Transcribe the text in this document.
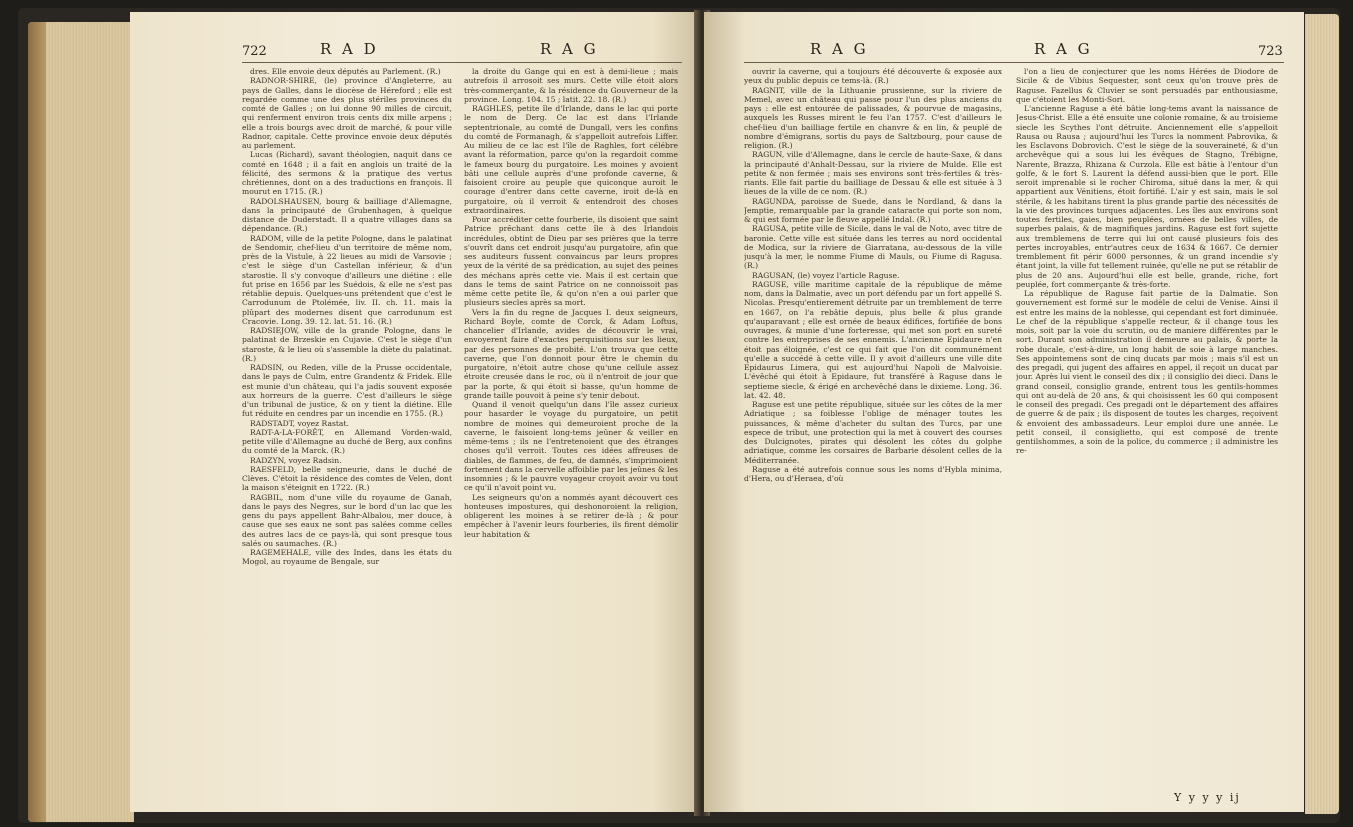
722	R A D	R A G

dres. Elle envoie deux députés au Parlement. (R.)

RADNOR-SHIRE, (le) province d'Angleterre, au pays de Galles, dans le diocèse de Héreford ; elle est regardée comme une des plus stériles provinces du comté de Galles ; on lui donne 90 milles de circuit, qui renferment environ trois cents dix mille arpens ; elle a trois bourgs avec droit de marché, & pour ville Radnor, capitale. Cette province envoie deux députés au parlement.

Lucas (Richard), savant théologien, naquit dans ce comté en 1648 ; il a fait en anglois un traité de la félicité, des sermons & la pratique des vertus chrétiennes, dont on a des traductions en françois. Il mourut en 1715. (R.)

RADOLSHAUSEN, bourg & bailliage d'Allemagne, dans la principauté de Grubenhagen, à quelque distance de Duderstadt. Il a quatre villages dans sa dépendance. (R.)

RADOM, ville de la petite Pologne, dans le palatinat de Sendomir, chef-lieu d'un territoire de même nom, près de la Vistule, à 22 lieues au midi de Varsovie ; c'est le siège d'un Castellan inférieur, & d'un starostie. Il s'y convoque d'ailleurs une diétine : elle fut prise en 1656 par les Suédois, & elle ne s'est pas rétablie depuis. Quelques-uns prétendent que c'est le Carrodunum de Ptolémée, liv. II. ch. 11. mais la plûpart des modernes disent que carrodunum est Cracovie. Long. 39. 12. lat. 51. 16. (R.)

RADSIEJOW, ville de la grande Pologne, dans le palatinat de Brzeskie en Cujavie. C'est le siège d'un staroste, & le lieu où s'assemble la diète du palatinat. (R.)

RADSIN, ou Reden, ville de la Prusse occidentale, dans le pays de Culm, entre Grandentz & Fridek. Elle est munie d'un château, qui l'a jadis souvent exposée aux horreurs de la guerre. C'est d'ailleurs le siège d'un tribunal de justice, & on y tient la diétine. Elle fut réduite en cendres par un incendie en 1755. (R.)

RADSTADT, voyez Rastat.

RADT-A-LA-FORÊT, en Allemand Vorden-wald, petite ville d'Allemagne au duché de Berg, aux confins du comté de la Marck. (R.)

RADZYN, voyez Radsin.

RAESFELD, belle seigneurie, dans le duché de Clèves. C'étoit la résidence des comtes de Velen, dont la maison s'éteignit en 1722. (R.)

RAGBIL, nom d'une ville du royaume de Ganah, dans le pays des Negres, sur le bord d'un lac que les gens du pays appellent Bahr-Albalou, mer douce, à cause que ses eaux ne sont pas salées comme celles des autres lacs de ce pays-là, qui sont presque tous salés ou saumaches. (R.)

RAGEMEHALE, ville des Indes, dans les états du Mogol, au royaume de Bengale, sur

la droite du Gange qui en est à demi-lieue ; mais autrefois il arrosoit ses murs. Cette ville étoit alors très-commerçante, & la résidence du Gouverneur de la province. Long. 104. 15 ; latit. 22. 18. (R.)

RAGHLES, petite île d'Irlande, dans le lac qui porte le nom de Derg. Ce lac est dans l'Irlande septentrionale, au comté de Dungall, vers les confins du comté de Formanagh, & s'appelloit autrefois Liffer. Au milieu de ce lac est l'île de Raghles, fort célébre avant la réformation, parce qu'on la regardoit comme le fameux bourg du purgatoire. Les moines y avoient bâti une cellule auprès d'une profonde caverne, & faisoient croire au peuple que quiconque auroit le courage d'entrer dans cette caverne, iroit de-là en purgatoire, où il verroit & entendroit des choses extraordinaires.

Pour accréditer cette fourberie, ils disoient que saint Patrice prêchant dans cette île à des Irlandois incrédules, obtint de Dieu par ses prières que la terre s'ouvrît dans cet endroit jusqu'au purgatoire, afin que ses auditeurs fussent convaincus par leurs propres yeux de la vérité de sa prédication, au sujet des peines des méchans après cette vie. Mais il est certain que dans le tems de saint Patrice on ne connoissoit pas même cette petite île, & qu'on n'en a oui parler que plusieurs siecles après sa mort.

Vers la fin du regne de Jacques I. deux seigneurs, Richard Boyle, comte de Corck, & Adam Loftus, chancelier d'Irlande, avides de découvrir le vrai, envoyerent faire d'exactes perquisitions sur les lieux, par des personnes de probité. L'on trouva que cette caverne, que l'on donnoit pour être le chemin du purgatoire, n'étoit autre chose qu'une cellule assez étroite creusée dans le roc, où il n'entroit de jour que par la porte, & qui étoit si basse, qu'un homme de grande taille pouvoit à peine s'y tenir debout.

Quand il venoit quelqu'un dans l'île assez curieux pour hasarder le voyage du purgatoire, un petit nombre de moines qui demeuroient proche de la caverne, le faisoient long-tems jeûner & veiller en même-tems ; ils ne l'entretenoient que des étranges choses qu'il verroit. Toutes ces idées affreuses de diables, de flammes, de feu, de damnés, s'imprimoient fortement dans la cervelle affoiblie par les jeûnes & les insomnies ; & le pauvre voyageur croyoit avoir vu tout ce qu'il n'avoit point vu.

Les seigneurs qu'on a nommés ayant découvert ces honteuses impostures, qui deshonoroient la religion, obligerent les moines à se retirer de-là ; & pour empêcher à l'avenir leurs fourberies, ils firent démolir leur habitation &

R A G	R A G	723

ouvrir la caverne, qui a toujours été découverte & exposée aux yeux du public depuis ce tems-là. (R.)

RAGNIT, ville de la Lithuanie prussienne, sur la riviere de Memel, avec un château qui passe pour l'un des plus anciens du pays : elle est entourée de palissades, & pourvue de magasins, auxquels les Russes mirent le feu l'an 1757. C'est d'ailleurs le chef-lieu d'un bailliage fertile en chanvre & en lin, & peuplé de nombre d'émigrans, sortis du pays de Saltzbourg, pour cause de religion. (R.)

RAGUN, ville d'Allemagne, dans le cercle de haute-Saxe, & dans la principauté d'Anhalt-Dessau, sur la riviere de Mulde. Elle est petite & non fermée ; mais ses environs sont très-fertiles & très-riants. Elle fait partie du bailliage de Dessau & elle est située à 3 lieues de la ville de ce nom. (R.)

RAGUNDA, paroisse de Suede, dans le Nordland, & dans la Jemptie, remarquable par la grande cataracte qui porte son nom, & qui est formée par le fleuve appellé Indal. (R.)

RAGUSA, petite ville de Sicile, dans le val de Noto, avec titre de baronie. Cette ville est située dans les terres au nord occidental de Modica, sur la riviere de Giarratana, au-dessous de la ville jusqu'à la mer, le nomme Fiume di Mauls, ou Fiume di Ragusa. (R.)

RAGUSAN, (le) voyez l'article Raguse.

RAGUSE, ville maritime capitale de la république de même nom, dans la Dalmatie, avec un port défendu par un fort appellé S. Nicolas. Presqu'entierement détruite par un tremblement de terre en 1667, on l'a rebâtie depuis, plus belle & plus grande qu'auparavant ; elle est ornée de beaux édifices, fortifiée de bons ouvrages, & munie d'une forteresse, qui met son port en sureté contre les entreprises de ses ennemis. L'ancienne Epidaure n'en étoit pas éloignée, c'est ce qui fait que l'on dit communément qu'elle a succédé à cette ville. Il y avoit d'ailleurs une ville dite Epidaurus Limera, qui est aujourd'hui Napoli de Malvoisie. L'évêché qui étoit à Epidaure, fut transféré à Raguse dans le septieme siecle, & érigé en archevêché dans le dixieme. Long. 36. lat. 42. 48.

Raguse est une petite république, située sur les côtes de la mer Adriatique ; sa foiblesse l'oblige de ménager toutes les puissances, & même d'acheter du sultan des Turcs, par une espece de tribut, une protection qui la met à couvert des courses des Dulcignotes, pirates qui désolent les côtes du golphe adriatique, comme les corsaires de Barbarie désolent celles de la Méditerranée.

Raguse a été autrefois connue sous les noms d'Hybla minima, d'Hera, ou d'Heraea, d'où

l'on a lieu de conjecturer que les noms Hérées de Diodore de Sicile & de Vibius Sequester, sont ceux qu'on trouve près de Raguse. Fazellus & Cluvier se sont persuadés par enthousiasme, que c'étoient les Monti-Sori.

L'ancienne Raguse a été bâtie long-tems avant la naissance de Jesus-Christ. Elle a été ensuite une colonie romaine, & au troisieme siecle les Scythes l'ont détruite. Anciennement elle s'appelloit Rausa ou Rausa ; aujourd'hui les Turcs la nomment Pabrovika, & les Esclavons Dobrovich. C'est le siège de la souveraineté, & d'un archevêque qui a sous lui les évêques de Stagno, Trébigne, Narente, Brazza, Rhizana & Curzola. Elle est bâtie à l'entour d'un golfe, & le fort S. Laurent la défend aussi-bien que le port. Elle seroit imprenable si le rocher Chiroma, situé dans la mer, & qui appartient aux Vénitiens, étoit fortifié. L'air y est sain, mais le sol stérile, & les habitans tirent la plus grande partie des nécessités de la vie des provinces turques adjacentes. Les îles aux environs sont toutes fertiles, gaies, bien peuplées, ornées de belles villes, de superbes palais, & de magnifiques jardins. Raguse est fort sujette aux tremblemens de terre qui lui ont causé plusieurs fois des pertes incroyables, entr'autres ceux de 1634 & 1667. Ce dernier tremblement fit périr 6000 personnes, & un grand incendie s'y étant joint, la ville fut tellement ruinée, qu'elle ne put se rétablir de plus de 20 ans. Aujourd'hui elle est belle, grande, riche, fort peuplée, fort commerçante & très-forte.

La république de Raguse fait partie de la Dalmatie. Son gouvernement est formé sur le modèle de celui de Venise. Ainsi il est entre les mains de la noblesse, qui cependant est fort diminuée. Le chef de la république s'appelle recteur, & il change tous les mois, soit par la voie du scrutin, ou de maniere différentes par le sort. Durant son administration il demeure au palais, & porte la robe ducale, c'est-à-dire, un long habit de soie à large manches. Ses appointemens sont de cinq ducats par mois ; mais s'il est un des pregadi, qui jugent des affaires en appel, il reçoit un ducat par jour. Après lui vient le conseil des dix ; il consiglio dei dieci. Dans le grand conseil, consiglio grande, entrent tous les gentils-hommes qui ont au-delà de 20 ans, & qui choisissent les 60 qui composent le conseil des pregadi. Ces pregadi ont le département des affaires de guerre & de paix ; ils disposent de toutes les charges, reçoivent & envoient des ambassadeurs. Leur emploi dure une année. Le petit conseil, il consiglietto, qui est composé de trente gentilshommes, a soin de la police, du commerce ; il administre les re-

Y y y y ij
